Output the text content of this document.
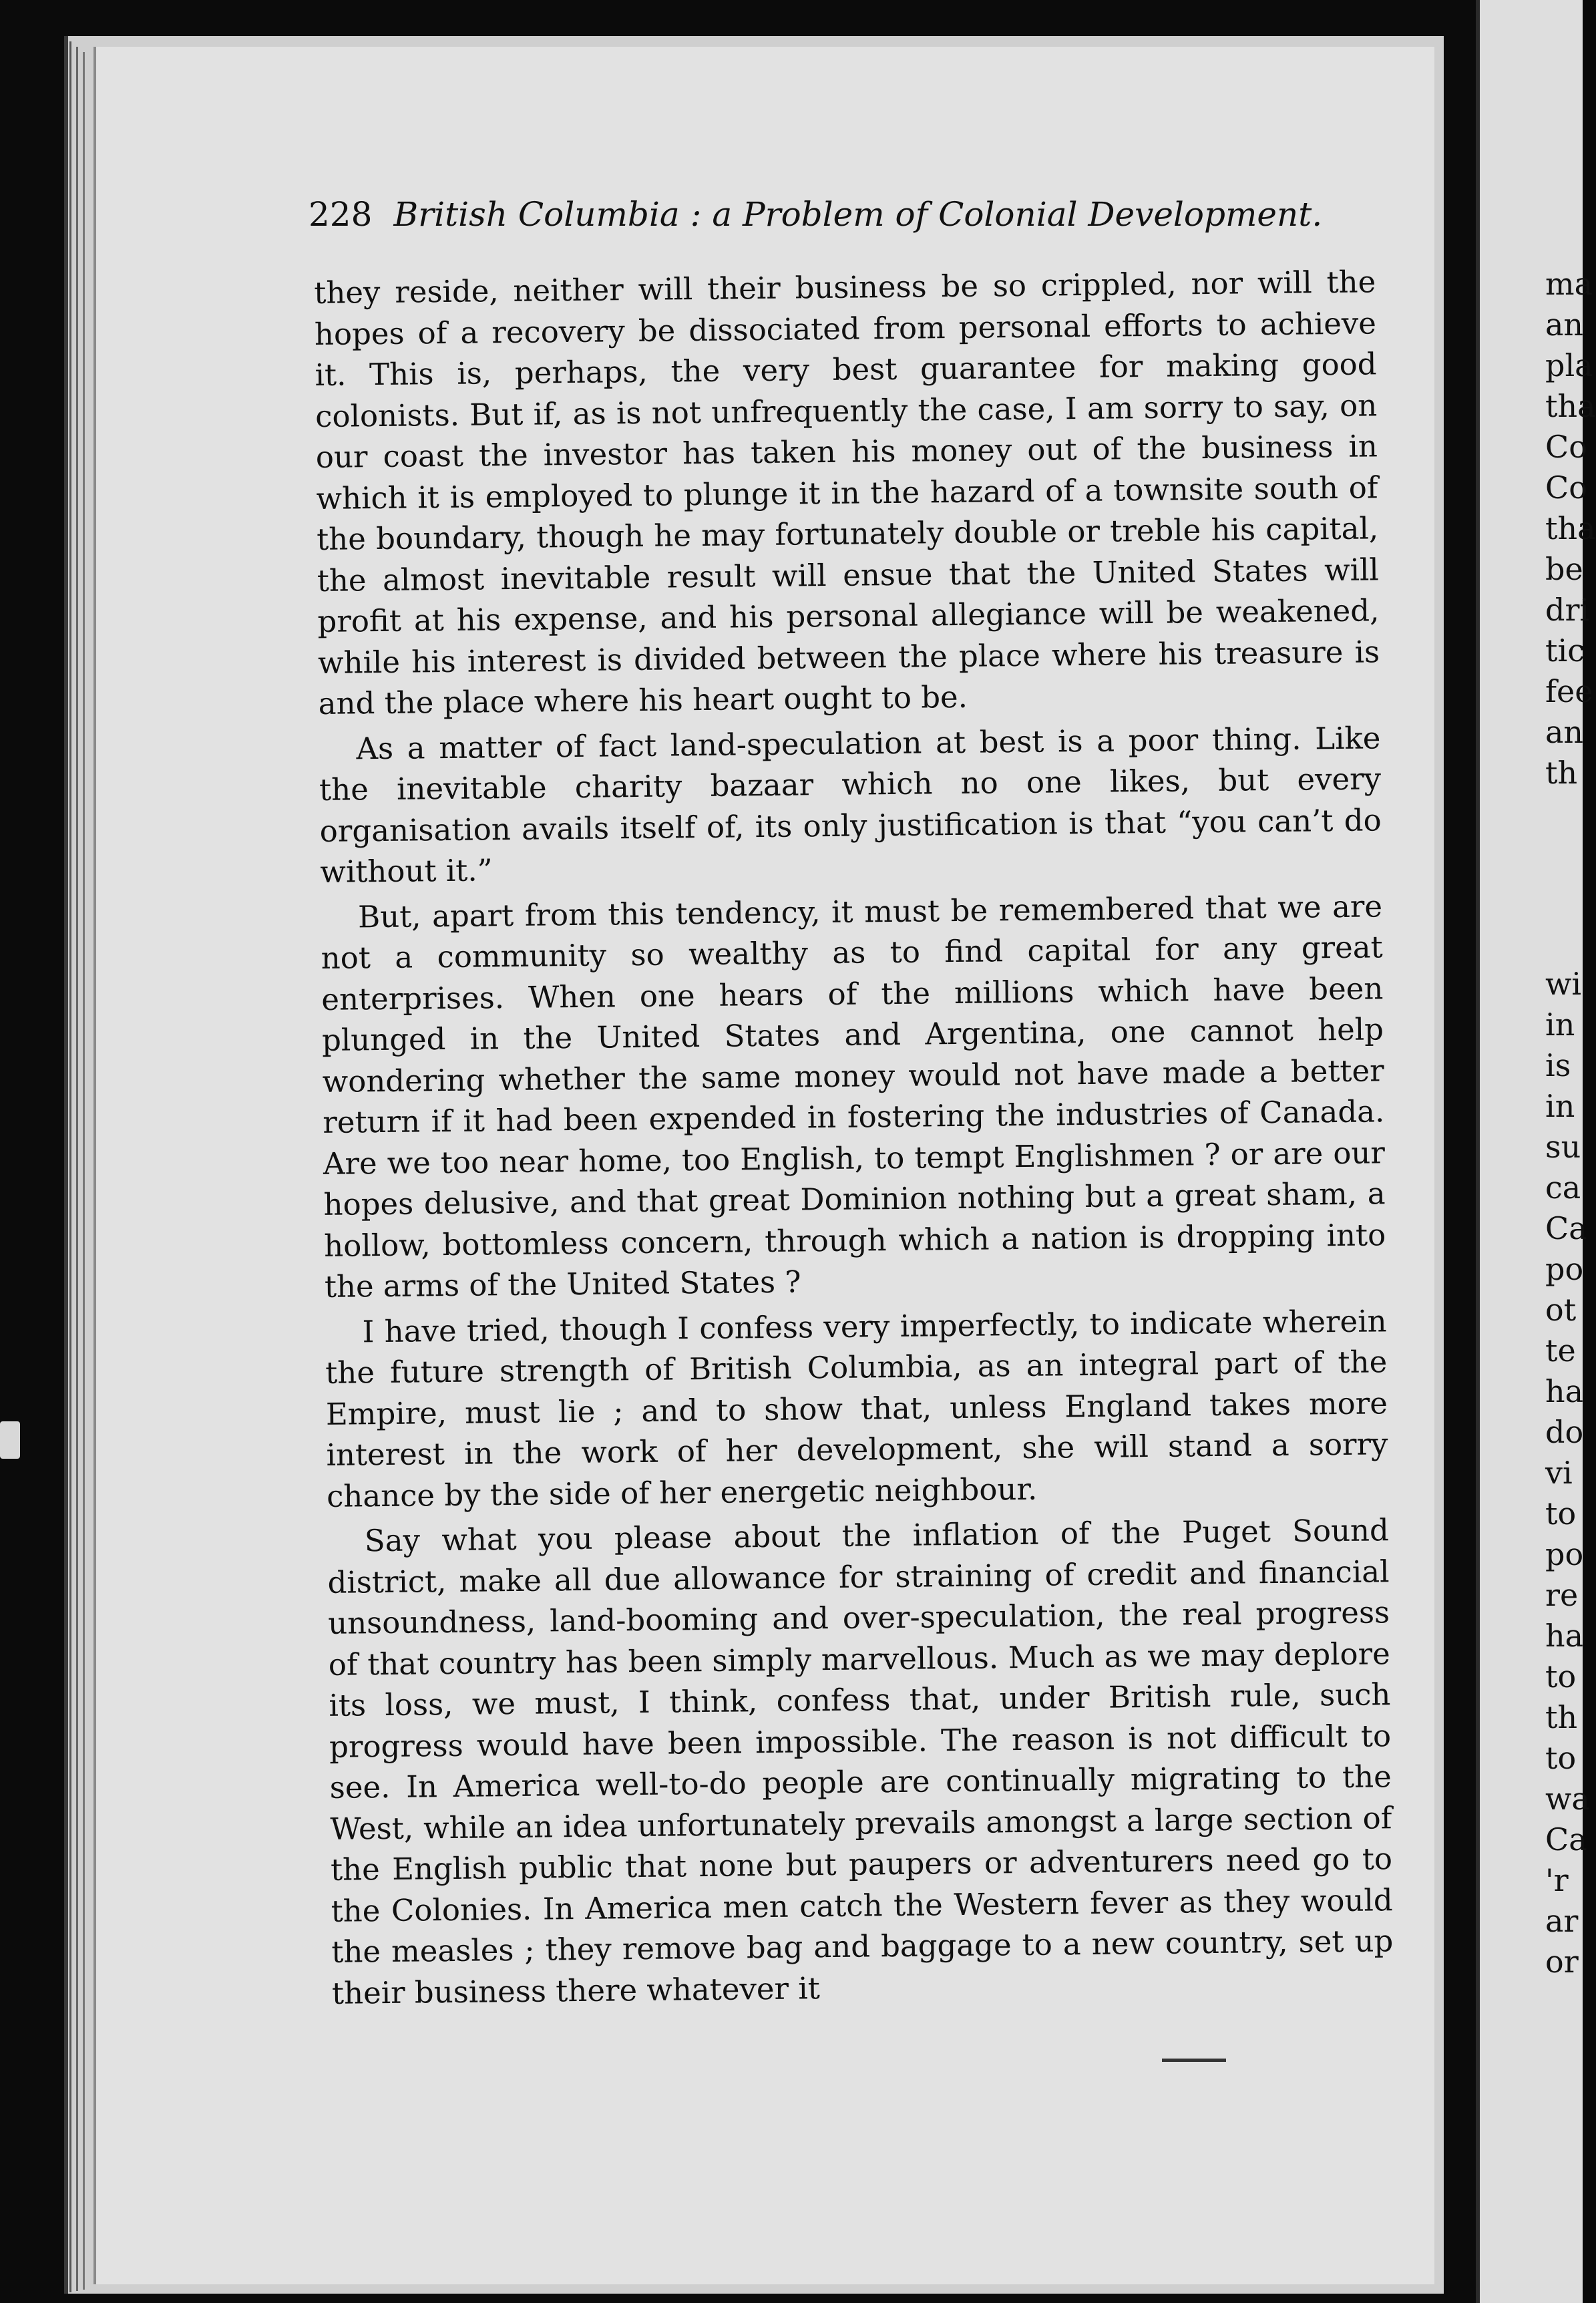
228 British Columbia : a Problem of Colonial Development.

they reside, neither will their business be so crippled, nor will the hopes of a recovery be dissociated from personal efforts to achieve it. This is, perhaps, the very best guarantee for making good colonists. But if, as is not unfrequently the case, I am sorry to say, on our coast the investor has taken his money out of the business in which it is employed to plunge it in the hazard of a townsite south of the boundary, though he may fortunately double or treble his capital, the almost inevitable result will ensue that the United States will profit at his expense, and his personal allegiance will be weakened, while his interest is divided between the place where his treasure is and the place where his heart ought to be.

As a matter of fact land-speculation at best is a poor thing. Like the inevitable charity bazaar which no one likes, but every organisation avails itself of, its only justification is that “you can’t do without it.”

But, apart from this tendency, it must be remembered that we are not a community so wealthy as to find capital for any great enterprises. When one hears of the millions which have been plunged in the United States and Argentina, one cannot help wondering whether the same money would not have made a better return if it had been expended in fostering the industries of Canada. Are we too near home, too English, to tempt Englishmen ? or are our hopes delusive, and that great Dominion nothing but a great sham, a hollow, bottomless concern, through which a nation is dropping into the arms of the United States ?

I have tried, though I confess very imperfectly, to indicate wherein the future strength of British Columbia, as an integral part of the Empire, must lie ; and to show that, unless England takes more interest in the work of her development, she will stand a sorry chance by the side of her energetic neighbour.

Say what you please about the inflation of the Puget Sound district, make all due allowance for straining of credit and financial unsoundness, land-booming and over-speculation, the real progress of that country has been simply marvellous. Much as we may deplore its loss, we must, I think, confess that, under British rule, such progress would have been impossible. The reason is not difficult to see. In America well-to-do people are continually migrating to the West, while an idea unfortunately prevails amongst a large section of the English public that none but paupers or adventurers need go to the Colonies. In America men catch the Western fever as they would the measles ; they remove bag and baggage to a new country, set up their business there whatever it

ma
an
pla
tha
Co
Co
tha
be
dri
tic
fee
an
th
wi
in
is
in
su
ca
Ca
po
ot
te
ha
do
vi
to
po
re
ha
to
th
to
wa
Ca
'r
ar
or
